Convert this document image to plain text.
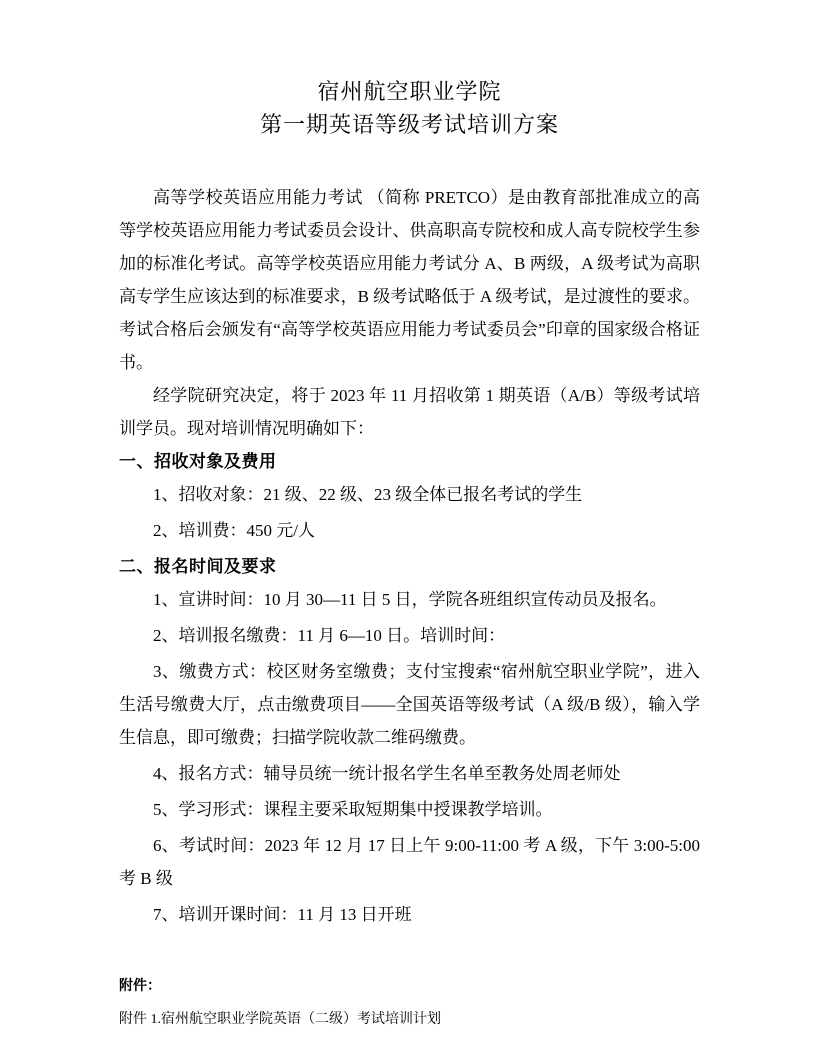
宿州航空职业学院
第一期英语等级考试培训方案

高等学校英语应用能力考试 （简称 PRETCO）是由教育部批准成立的高等学校英语应用能力考试委员会设计、供高职高专院校和成人高专院校学生参加的标准化考试。高等学校英语应用能力考试分 A、B 两级，A 级考试为高职高专学生应该达到的标准要求，B 级考试略低于 A 级考试，是过渡性的要求。考试合格后会颁发有“高等学校英语应用能力考试委员会”印章的国家级合格证书。

经学院研究决定，将于 2023 年 11 月招收第 1 期英语（A/B）等级考试培训学员。现对培训情况明确如下：

一、招收对象及费用

1、招收对象：21 级、22 级、23 级全体已报名考试的学生

2、培训费：450 元/人

二、报名时间及要求

1、宣讲时间：10 月 30—11 日 5 日，学院各班组织宣传动员及报名。

2、培训报名缴费：11 月 6—10 日。培训时间：

3、缴费方式：校区财务室缴费；支付宝搜索“宿州航空职业学院”，进入生活号缴费大厅，点击缴费项目——全国英语等级考试（A 级/B 级），输入学生信息，即可缴费；扫描学院收款二维码缴费。

4、报名方式：辅导员统一统计报名学生名单至教务处周老师处

5、学习形式：课程主要采取短期集中授课教学培训。

6、考试时间：2023 年 12 月 17 日上午 9:00-11:00 考 A 级，下午 3:00-5:00 考 B 级

7、培训开课时间：11 月 13 日开班

附件：
附件 1.宿州航空职业学院英语（二级）考试培训计划
